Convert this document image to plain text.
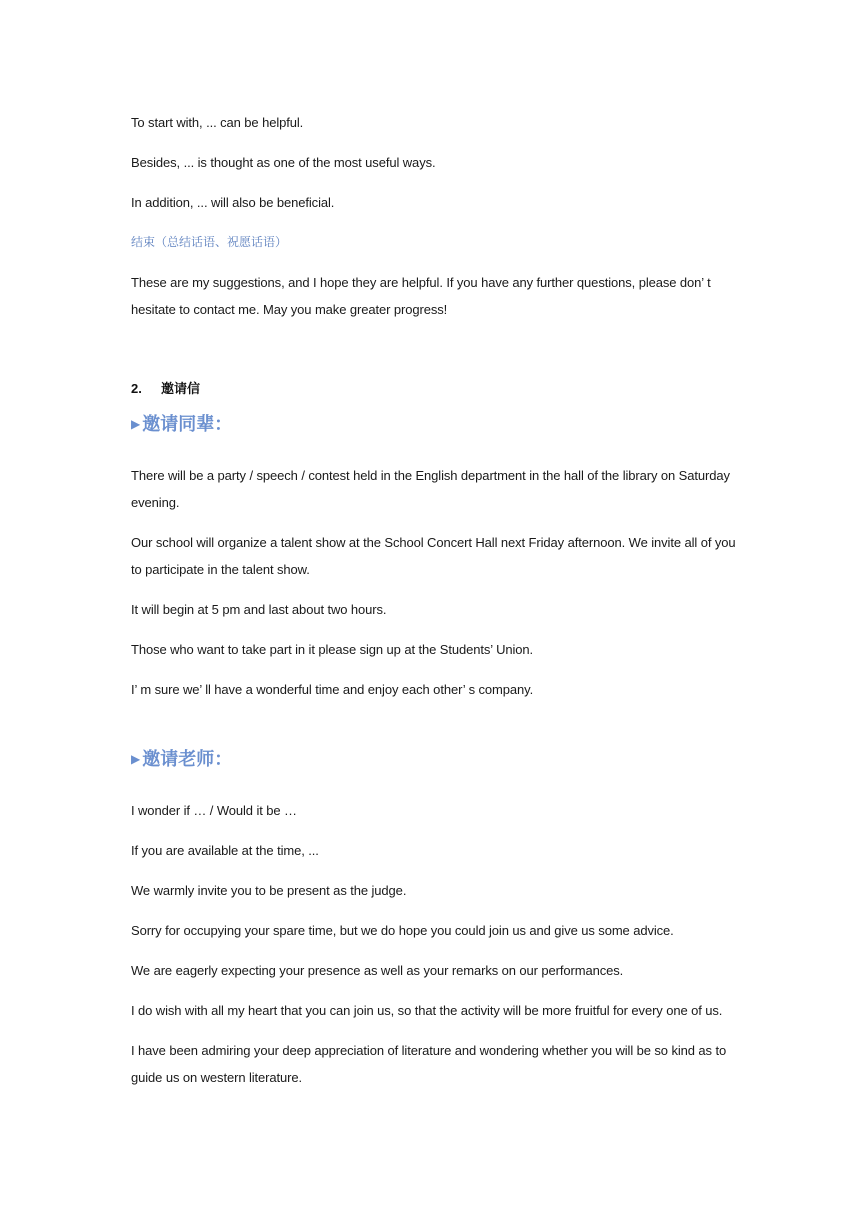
To start with, ... can be helpful.

Besides, ... is thought as one of the most useful ways.

In addition, ... will also be beneficial.

结束（总结话语、祝愿话语）

These are my suggestions, and I hope they are helpful. If you have any further questions, please don’ t hesitate to contact me. May you make greater progress!

2. 邀请信
▶ 邀请同辈：

There will be a party / speech / contest held in the English department in the hall of the library on Saturday evening.

Our school will organize a talent show at the School Concert Hall next Friday afternoon. We invite all of you to participate in the talent show.

It will begin at 5 pm and last about two hours.

Those who want to take part in it please sign up at the Students’ Union.

I’ m sure we’ ll have a wonderful time and enjoy each other’ s company.

▶ 邀请老师：

I wonder if … / Would it be …

If you are available at the time, ...

We warmly invite you to be present as the judge.

Sorry for occupying your spare time, but we do hope you could join us and give us some advice.

We are eagerly expecting your presence as well as your remarks on our performances.

I do wish with all my heart that you can join us, so that the activity will be more fruitful for every one of us.

I have been admiring your deep appreciation of literature and wondering whether you will be so kind as to guide us on western literature.
